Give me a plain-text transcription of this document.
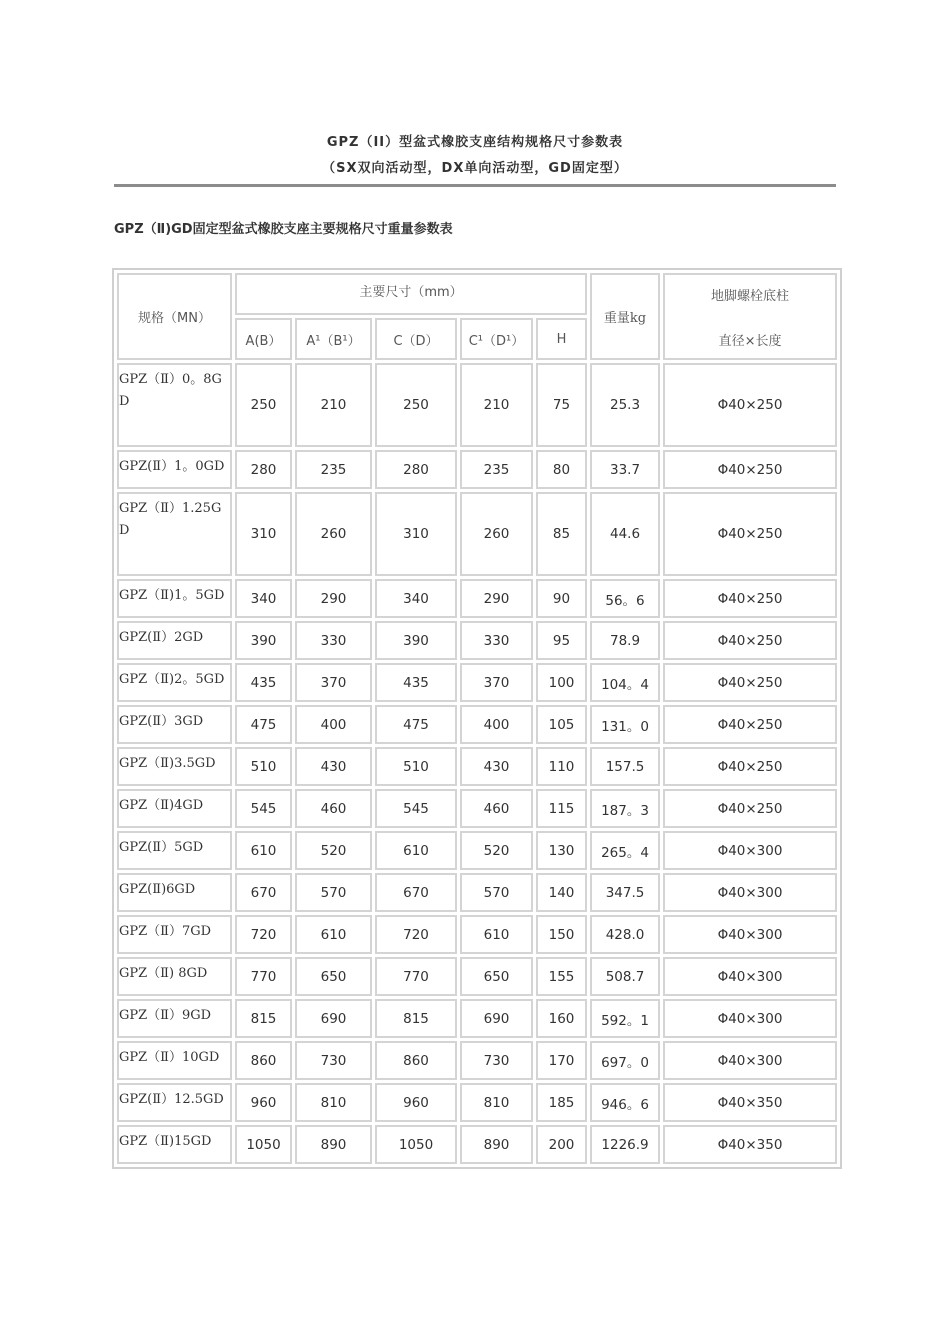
GPZ（II）型盆式橡胶支座结构规格尺寸参数表
（SX双向活动型，DX单向活动型，GD固定型）
GPZ（Ⅱ)GD固定型盆式橡胶支座主要规格尺寸重量参数表
规格（MN）	主要尺寸（mm）					重量kg	地脚螺栓底柱
直径×长度

	A(B）	A¹（B¹）	C（D）	C¹（D¹）	H		
GPZ（Ⅱ）0。8GD	250	210	250	210	75	25.3	Φ40×250
GPZ(Ⅱ）1。0GD	280	235	280	235	80	33.7	Φ40×250
GPZ（Ⅱ）1.25GD	310	260	310	260	85	44.6	Φ40×250
GPZ（Ⅱ)1。5GD	340	290	340	290	90	56。6	Φ40×250
GPZ(Ⅱ）2GD	390	330	390	330	95	78.9	Φ40×250
GPZ（Ⅱ)2。5GD	435	370	435	370	100	104。4	Φ40×250
GPZ(Ⅱ）3GD	475	400	475	400	105	131。0	Φ40×250
GPZ（Ⅱ)3.5GD	510	430	510	430	110	157.5	Φ40×250
GPZ（Ⅱ)4GD	545	460	545	460	115	187。3	Φ40×250
GPZ(Ⅱ）5GD	610	520	610	520	130	265。4	Φ40×300
GPZ(Ⅱ)6GD	670	570	670	570	140	347.5	Φ40×300
GPZ（Ⅱ）7GD	720	610	720	610	150	428.0	Φ40×300
GPZ（Ⅱ) 8GD	770	650	770	650	155	508.7	Φ40×300
GPZ（Ⅱ）9GD	815	690	815	690	160	592。1	Φ40×300
GPZ（Ⅱ）10GD	860	730	860	730	170	697。0	Φ40×300
GPZ(Ⅱ）12.5GD	960	810	960	810	185	946。6	Φ40×350
GPZ（Ⅱ)15GD	1050	890	1050	890	200	1226.9	Φ40×350
